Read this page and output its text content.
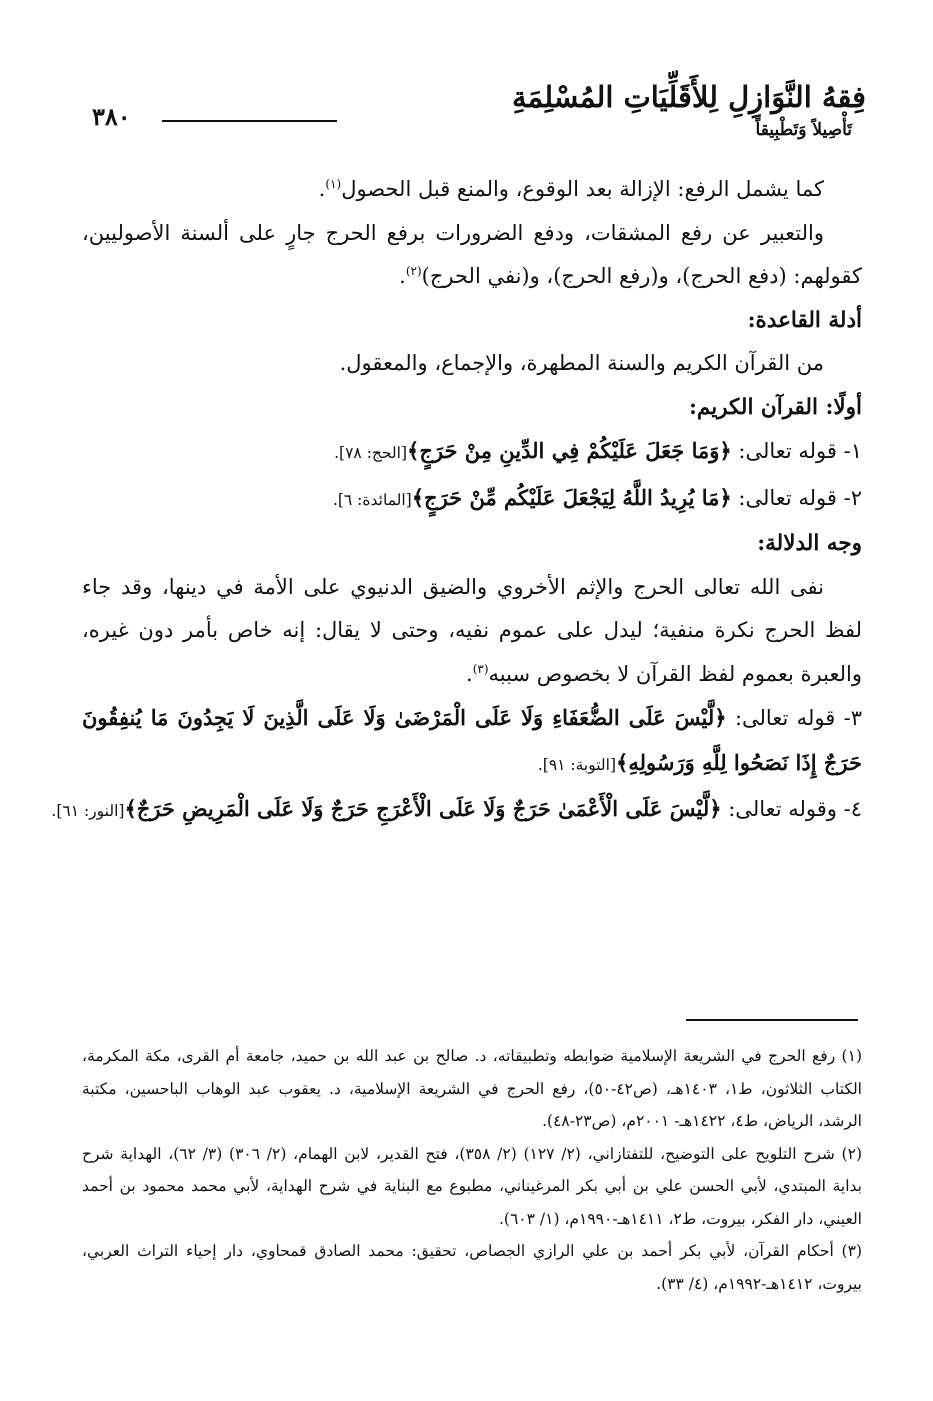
٣٨٠
فِقهُ النَّوَازِلِ لِلأَقَلِّيَاتِ المُسْلِمَةِ
تَأْصِيلاً وَتَطْبِيقاً

كما يشمل الرفع: الإزالة بعد الوقوع، والمنع قبل الحصول$^{(١)}$.

والتعبير عن رفع المشقات، ودفع الضرورات برفع الحرج جارٍ على ألسنة الأصوليين، كقولهم: (دفع الحرج)، و(رفع الحرج)، و(نفي الحرج)$^{(٢)}$.

أدلة القاعدة:

من القرآن الكريم والسنة المطهرة، والإجماع، والمعقول.

أولًا: القرآن الكريم:

١- قوله تعالى: ﴿وَمَا جَعَلَ عَلَيْكُمْ فِي الدِّينِ مِنْ حَرَجٍ﴾[الحج: ٧٨].

٢- قوله تعالى: ﴿مَا يُرِيدُ اللَّهُ لِيَجْعَلَ عَلَيْكُم مِّنْ حَرَجٍ﴾[المائدة: ٦].

وجه الدلالة:

نفى الله تعالى الحرج والإثم الأخروي والضيق الدنيوي على الأمة في دينها، وقد جاء لفظ الحرج نكرة منفية؛ ليدل على عموم نفيه، وحتى لا يقال: إنه خاص بأمر دون غيره، والعبرة بعموم لفظ القرآن لا بخصوص سببه$^{(٣)}$.

٣- قوله تعالى: ﴿لَّيْسَ عَلَى الضُّعَفَاءِ وَلَا عَلَى الْمَرْضَىٰ وَلَا عَلَى الَّذِينَ لَا يَجِدُونَ مَا يُنفِقُونَ حَرَجٌ إِذَا نَصَحُوا لِلَّهِ وَرَسُولِهِ﴾[التوبة: ٩١].

٤- وقوله تعالى: ﴿لَّيْسَ عَلَى الْأَعْمَىٰ حَرَجٌ وَلَا عَلَى الْأَعْرَجِ حَرَجٌ وَلَا عَلَى الْمَرِيضِ حَرَجٌ﴾[النور: ٦١].

(١) رفع الحرج في الشريعة الإسلامية ضوابطه وتطبيقاته، د. صالح بن عبد الله بن حميد، جامعة أم القرى، مكة المكرمة، الكتاب الثلاثون، ط١، ١٤٠٣هـ، (ص٤٢-٥٠)، رفع الحرج في الشريعة الإسلامية، د. يعقوب عبد الوهاب الباحسين، مكتبة الرشد، الرياض، ط٤، ١٤٢٢هـ- ٢٠٠١م، (ص٢٣-٤٨).

(٢) شرح التلويح على التوضيح، للتفتازاني، (٢/ ١٢٧) (٢/ ٣٥٨)، فتح القدير، لابن الهمام، (٢/ ٣٠٦) (٣/ ٦٢)، الهداية شرح بداية المبتدي، لأبي الحسن علي بن أبي بكر المرغيناني، مطبوع مع البناية في شرح الهداية، لأبي محمد محمود بن أحمد العيني، دار الفكر، بيروت، ط٢، ١٤١١هـ-١٩٩٠م، (١/ ٦٠٣).

(٣) أحكام القرآن، لأبي بكر أحمد بن علي الرازي الجصاص، تحقيق: محمد الصادق قمحاوي، دار إحياء التراث العربي، بيروت، ١٤١٢هـ-١٩٩٢م، (٤/ ٣٣).
